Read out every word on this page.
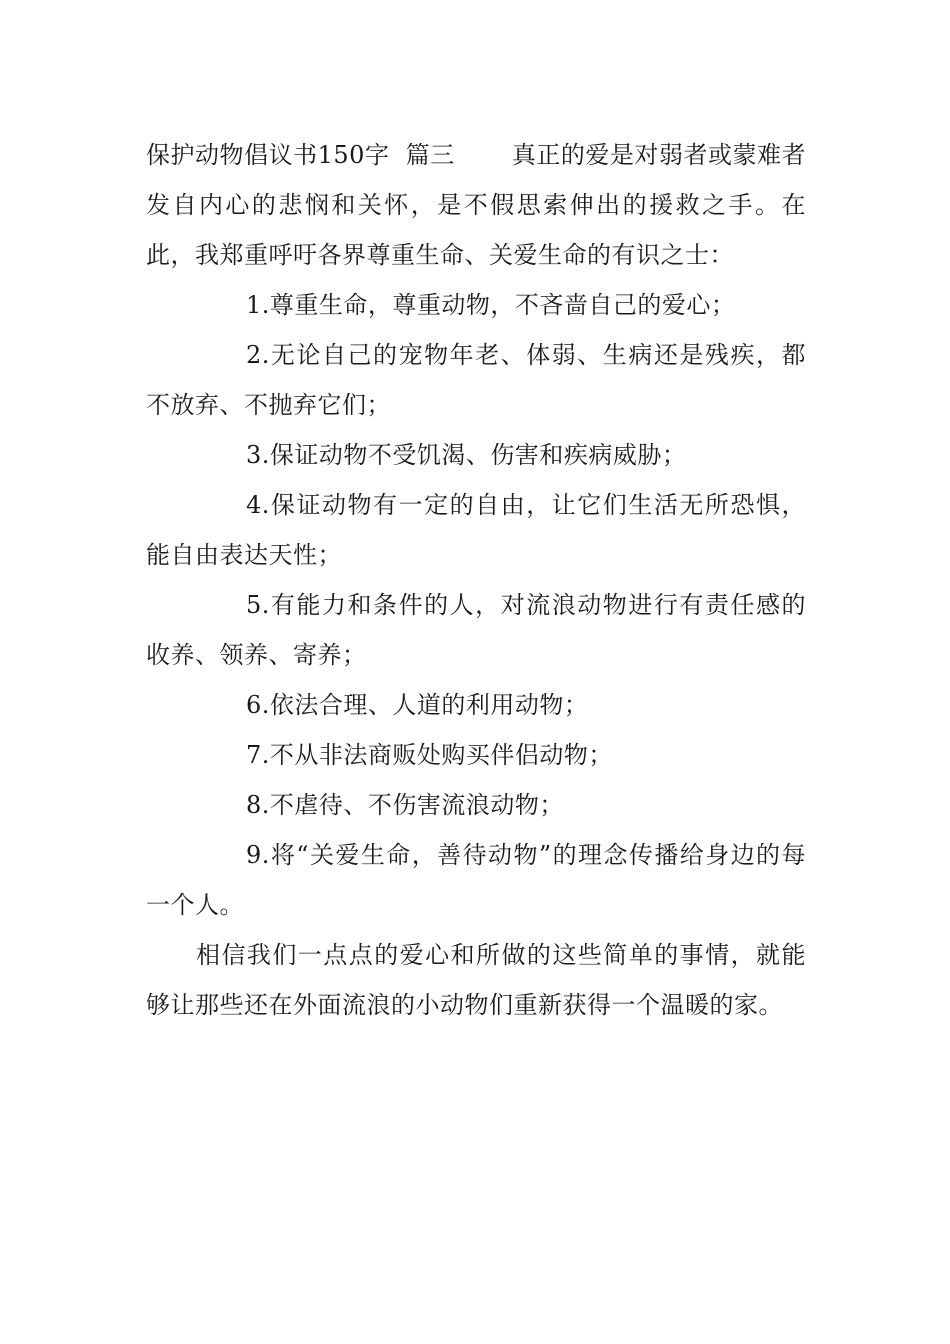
保护动物倡议书150字 篇三 真正的爱是对弱者或蒙难者发自内心的悲悯和关怀，是不假思索伸出的援救之手。在此，我郑重呼吁各界尊重生命、关爱生命的有识之士：

1.尊重生命，尊重动物，不吝啬自己的爱心；

2.无论自己的宠物年老、体弱、生病还是残疾，都不放弃、不抛弃它们；

3.保证动物不受饥渴、伤害和疾病威胁；

4.保证动物有一定的自由，让它们生活无所恐惧，能自由表达天性；

5.有能力和条件的人，对流浪动物进行有责任感的收养、领养、寄养；

6.依法合理、人道的利用动物；

7.不从非法商贩处购买伴侣动物；

8.不虐待、不伤害流浪动物；

9.将“关爱生命，善待动物”的理念传播给身边的每一个人。

相信我们一点点的爱心和所做的这些简单的事情，就能够让那些还在外面流浪的小动物们重新获得一个温暖的家。
